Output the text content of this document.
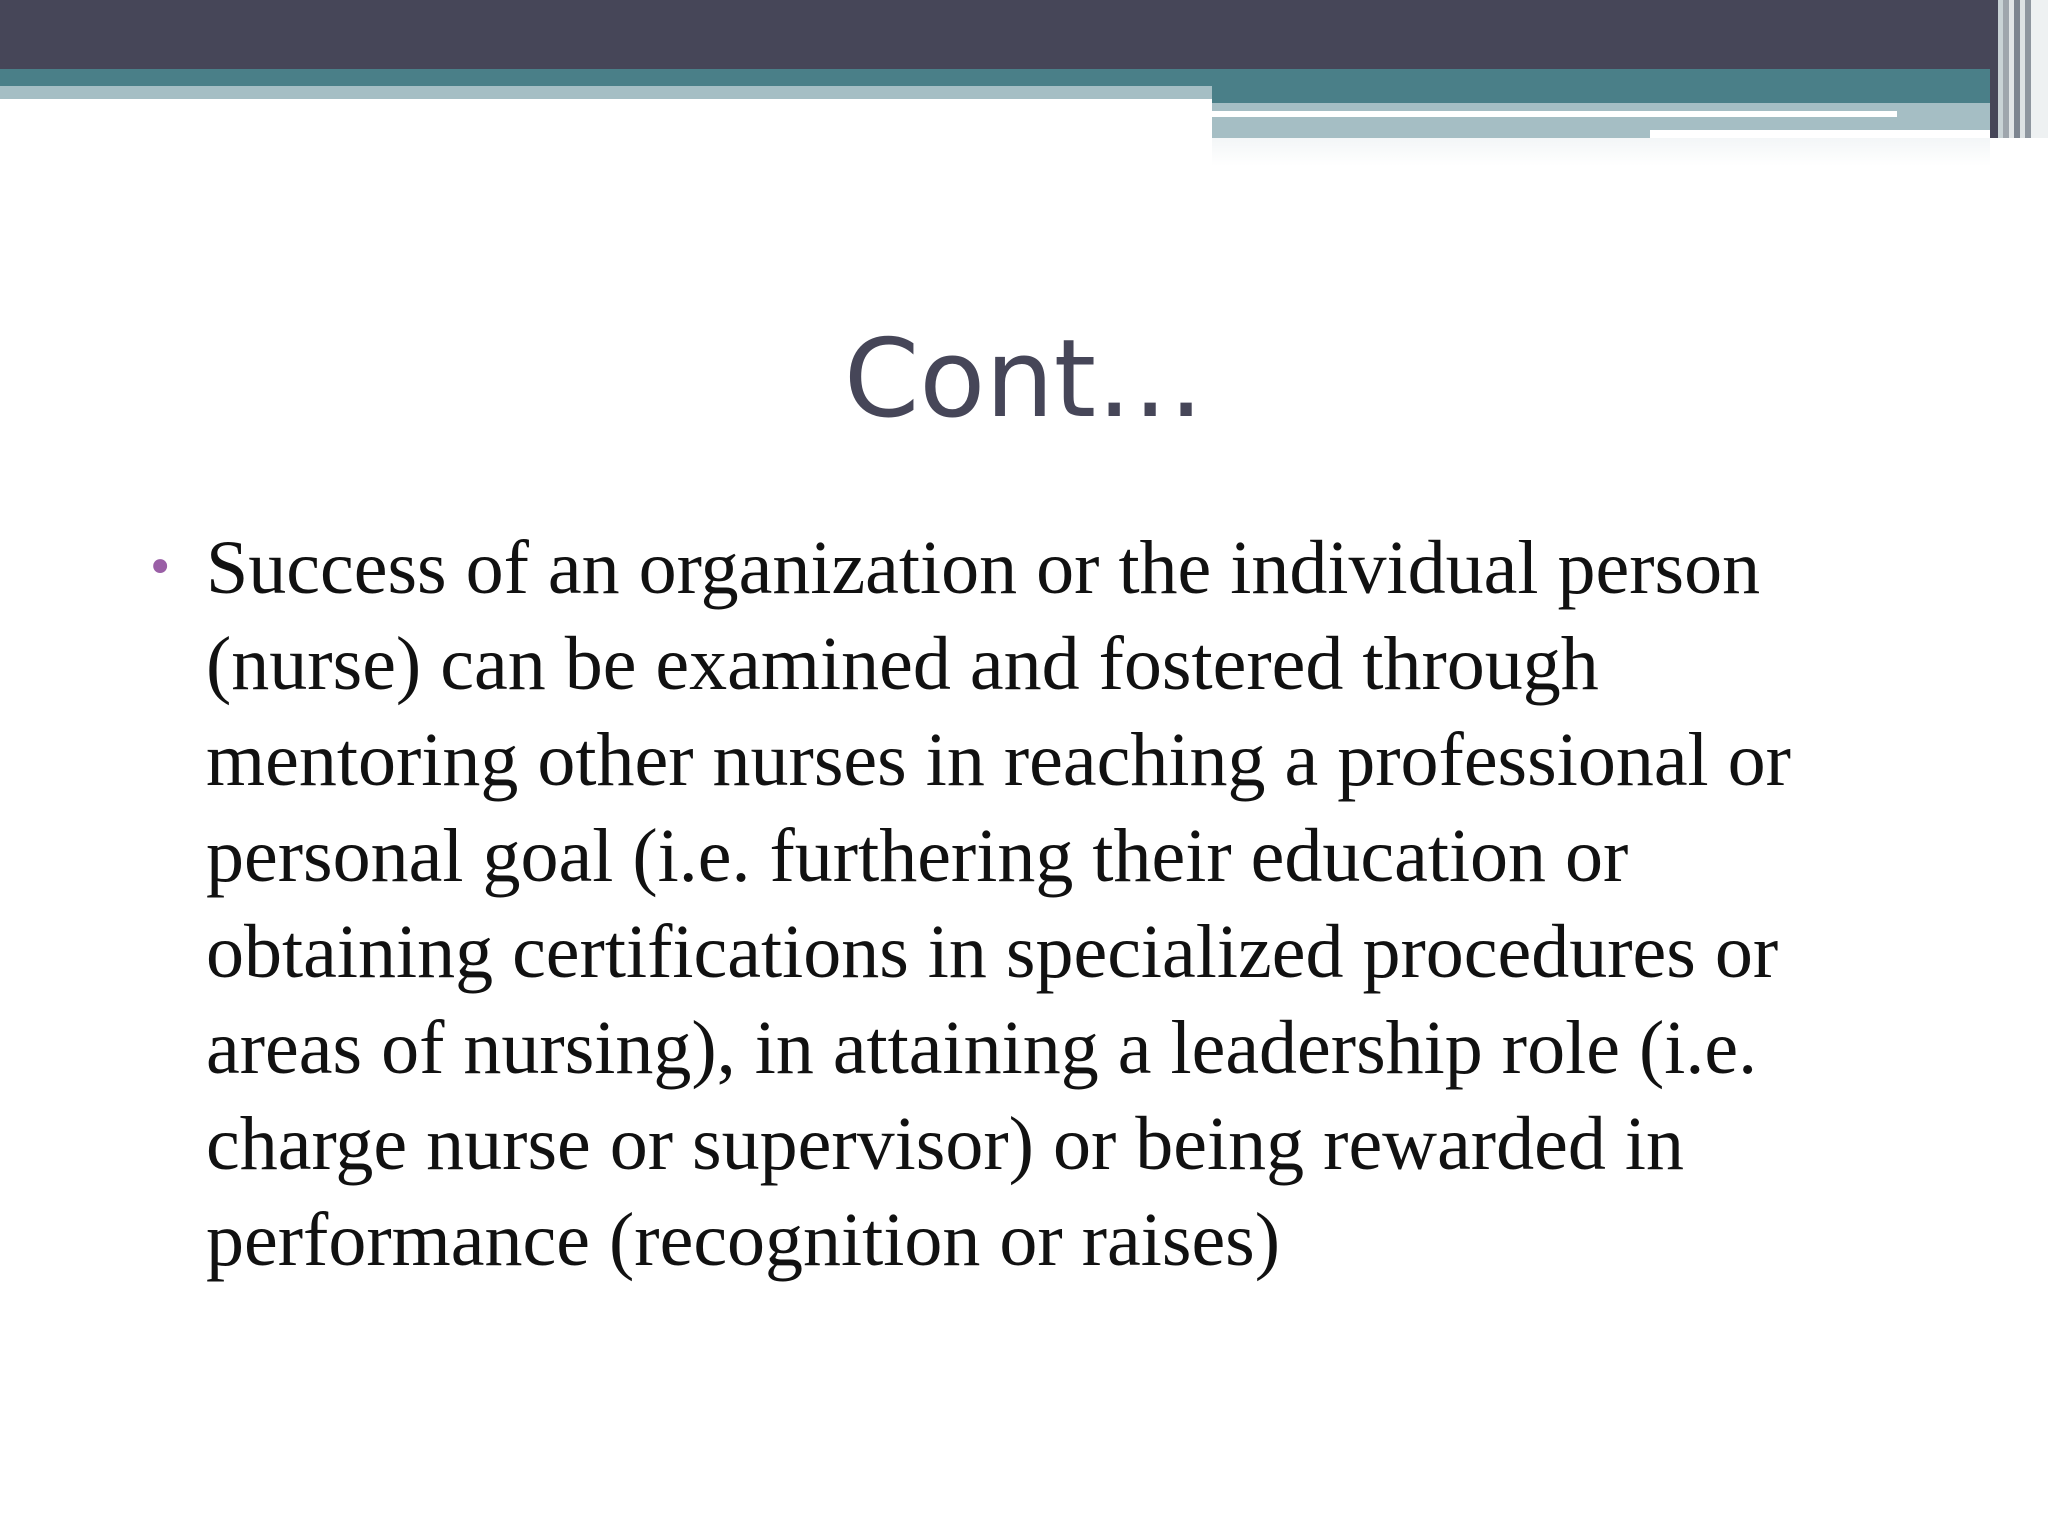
Cont…
• Success of an organization or the individual person (nurse) can be examined and fostered through mentoring other nurses in reaching a professional or personal goal (i.e. furthering their education or obtaining certifications in specialized procedures or areas of nursing), in attaining a leadership role (i.e. charge nurse or supervisor) or being rewarded in performance (recognition or raises)
